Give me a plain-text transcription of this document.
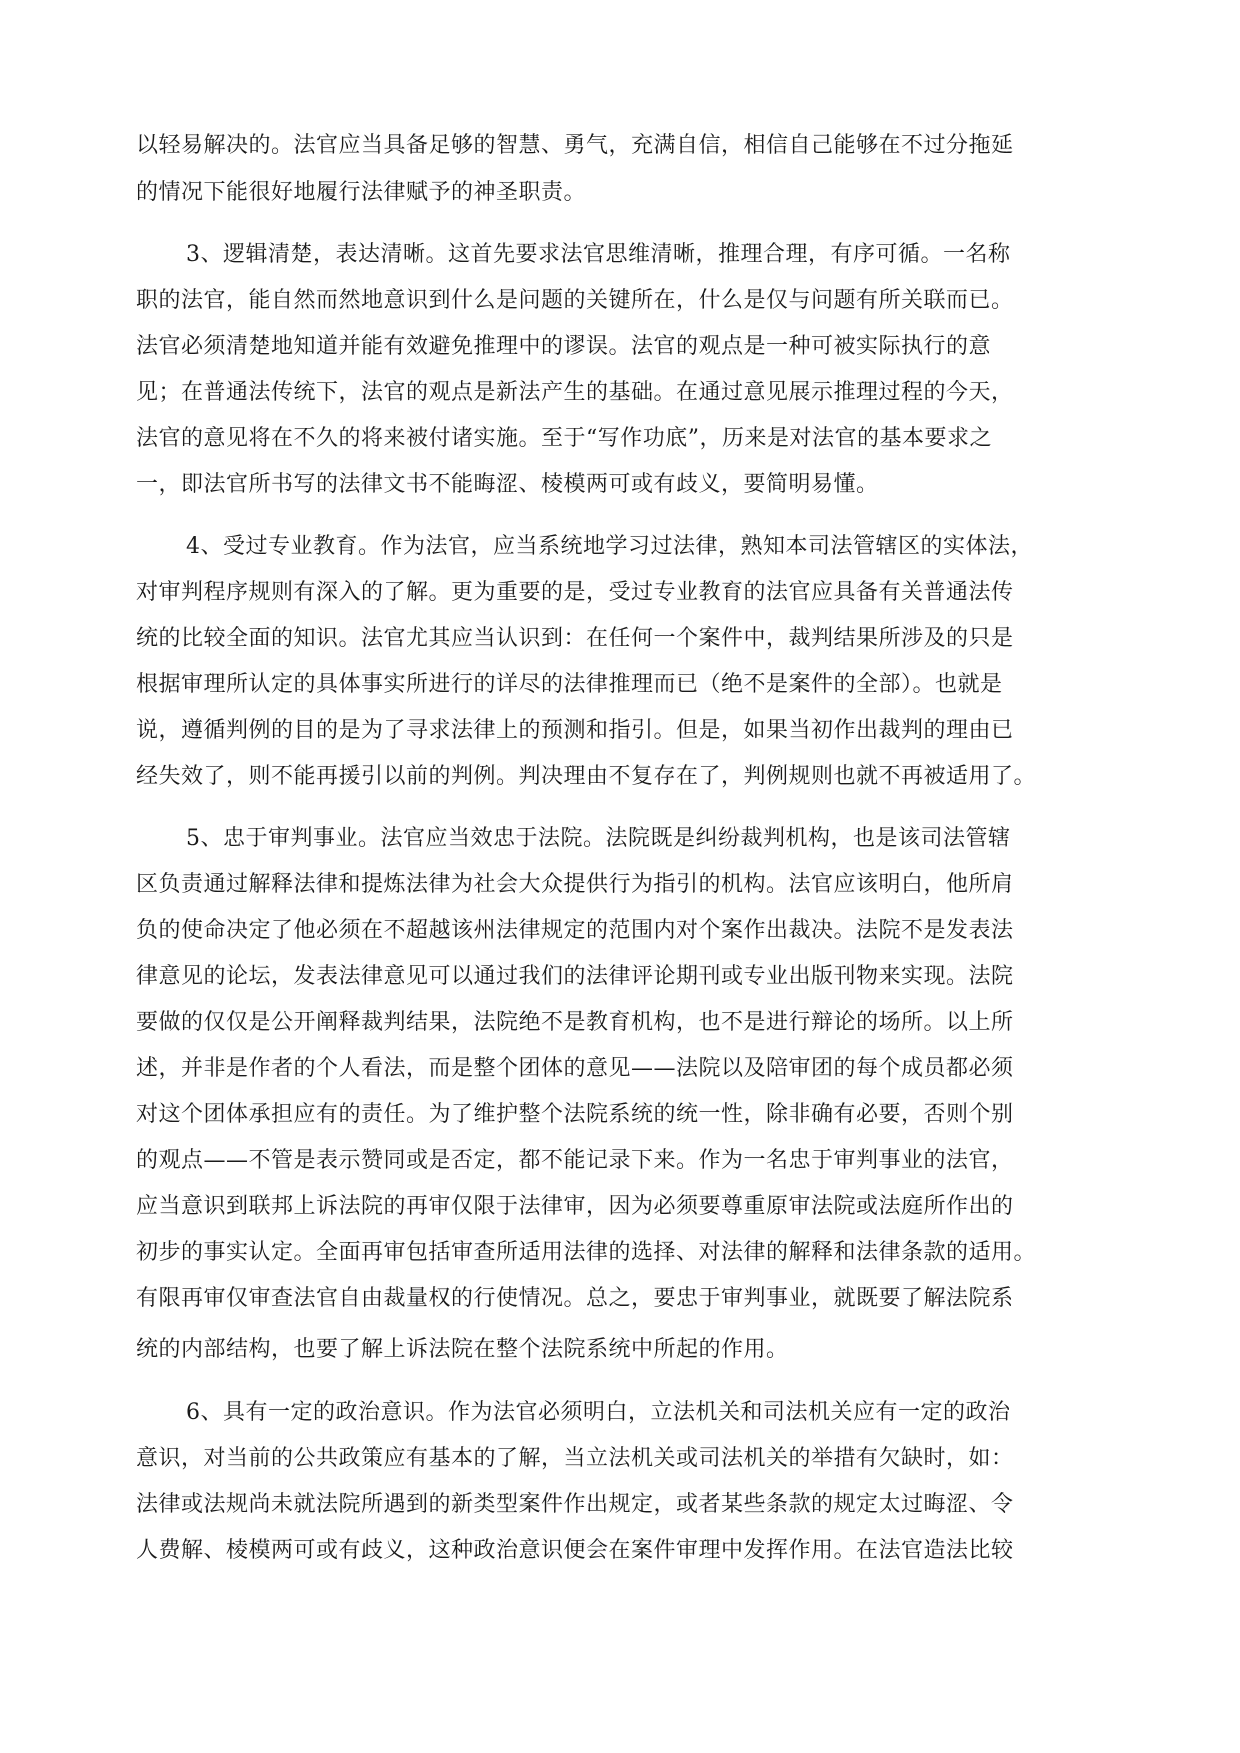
以轻易解决的。法官应当具备足够的智慧、勇气，充满自信，相信自己能够在不过分拖延
的情况下能很好地履行法律赋予的神圣职责。
3、逻辑清楚，表达清晰。这首先要求法官思维清晰，推理合理，有序可循。一名称
职的法官，能自然而然地意识到什么是问题的关键所在，什么是仅与问题有所关联而已。
法官必须清楚地知道并能有效避免推理中的谬误。法官的观点是一种可被实际执行的意
见；在普通法传统下，法官的观点是新法产生的基础。在通过意见展示推理过程的今天，
法官的意见将在不久的将来被付诸实施。至于“写作功底”，历来是对法官的基本要求之
一，即法官所书写的法律文书不能晦涩、棱模两可或有歧义，要简明易懂。
4、受过专业教育。作为法官，应当系统地学习过法律，熟知本司法管辖区的实体法，
对审判程序规则有深入的了解。更为重要的是，受过专业教育的法官应具备有关普通法传
统的比较全面的知识。法官尤其应当认识到：在任何一个案件中，裁判结果所涉及的只是
根据审理所认定的具体事实所进行的详尽的法律推理而已（绝不是案件的全部）。也就是
说，遵循判例的目的是为了寻求法律上的预测和指引。但是，如果当初作出裁判的理由已
经失效了，则不能再援引以前的判例。判决理由不复存在了，判例规则也就不再被适用了。
5、忠于审判事业。法官应当效忠于法院。法院既是纠纷裁判机构，也是该司法管辖
区负责通过解释法律和提炼法律为社会大众提供行为指引的机构。法官应该明白，他所肩
负的使命决定了他必须在不超越该州法律规定的范围内对个案作出裁决。法院不是发表法
律意见的论坛，发表法律意见可以通过我们的法律评论期刊或专业出版刊物来实现。法院
要做的仅仅是公开阐释裁判结果，法院绝不是教育机构，也不是进行辩论的场所。以上所
述，并非是作者的个人看法，而是整个团体的意见——法院以及陪审团的每个成员都必须
对这个团体承担应有的责任。为了维护整个法院系统的统一性，除非确有必要，否则个别
的观点——不管是表示赞同或是否定，都不能记录下来。作为一名忠于审判事业的法官，
应当意识到联邦上诉法院的再审仅限于法律审，因为必须要尊重原审法院或法庭所作出的
初步的事实认定。全面再审包括审查所适用法律的选择、对法律的解释和法律条款的适用。
有限再审仅审查法官自由裁量权的行使情况。总之，要忠于审判事业，就既要了解法院系
统的内部结构，也要了解上诉法院在整个法院系统中所起的作用。
6、具有一定的政治意识。作为法官必须明白，立法机关和司法机关应有一定的政治
意识，对当前的公共政策应有基本的了解，当立法机关或司法机关的举措有欠缺时，如：
法律或法规尚未就法院所遇到的新类型案件作出规定，或者某些条款的规定太过晦涩、令
人费解、棱模两可或有歧义，这种政治意识便会在案件审理中发挥作用。在法官造法比较
